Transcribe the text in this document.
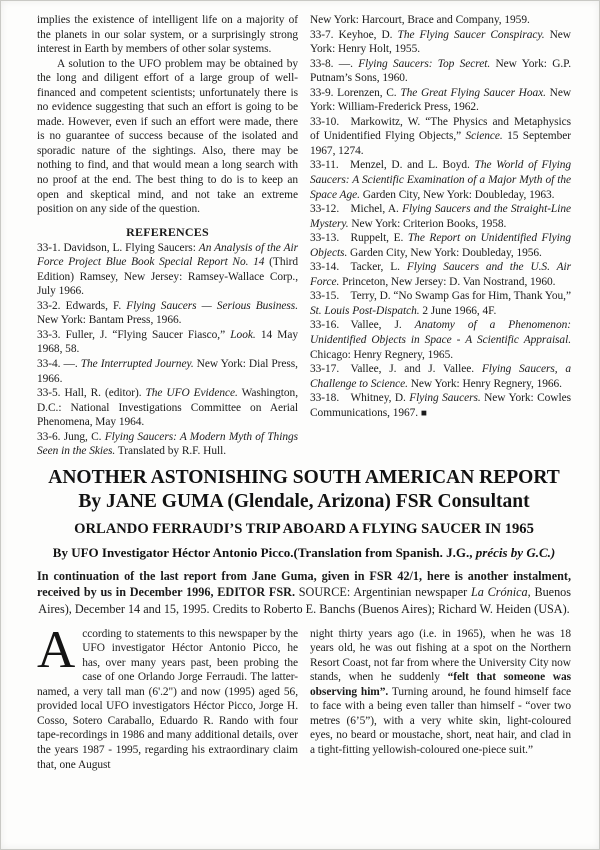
implies the existence of intelligent life on a majority of the planets in our solar system, or a surprisingly strong interest in Earth by members of other solar systems.

A solution to the UFO problem may be obtained by the long and diligent effort of a large group of well-financed and competent scientists; unfortunately there is no evidence suggesting that such an effort is going to be made. However, even if such an effort were made, there is no guarantee of success because of the isolated and sporadic nature of the sightings. Also, there may be nothing to find, and that would mean a long search with no proof at the end. The best thing to do is to keep an open and skeptical mind, and not take an extreme position on any side of the question.

REFERENCES

33-1. Davidson, L. Flying Saucers: An Analysis of the Air Force Project Blue Book Special Report No. 14 (Third Edition) Ramsey, New Jersey: Ramsey-Wallace Corp., July 1966.

33-2. Edwards, F. Flying Saucers — Serious Business. New York: Bantam Press, 1966.

33-3. Fuller, J. “Flying Saucer Fiasco,” Look. 14 May 1968, 58.

33-4. —. The Interrupted Journey. New York: Dial Press, 1966.

33-5. Hall, R. (editor). The UFO Evidence. Washington, D.C.: National Investigations Committee on Aerial Phenomena, May 1964.

33-6. Jung, C. Flying Saucers: A Modern Myth of Things Seen in the Skies. Translated by R.F. Hull.

New York: Harcourt, Brace and Company, 1959.

33-7. Keyhoe, D. The Flying Saucer Conspiracy. New York: Henry Holt, 1955.

33-8. —. Flying Saucers: Top Secret. New York: G.P. Putnam’s Sons, 1960.

33-9. Lorenzen, C. The Great Flying Saucer Hoax. New York: William-Frederick Press, 1962.

33-10. Markowitz, W. “The Physics and Metaphysics of Unidentified Flying Objects,” Science. 15 September 1967, 1274.

33-11. Menzel, D. and L. Boyd. The World of Flying Saucers: A Scientific Examination of a Major Myth of the Space Age. Garden City, New York: Doubleday, 1963.

33-12. Michel, A. Flying Saucers and the Straight-Line Mystery. New York: Criterion Books, 1958.

33-13. Ruppelt, E. The Report on Unidentified Flying Objects. Garden City, New York: Doubleday, 1956.

33-14. Tacker, L. Flying Saucers and the U.S. Air Force. Princeton, New Jersey: D. Van Nostrand, 1960.

33-15. Terry, D. “No Swamp Gas for Him, Thank You,” St. Louis Post-Dispatch. 2 June 1966, 4F.

33-16. Vallee, J. Anatomy of a Phenomenon: Unidentified Objects in Space - A Scientific Appraisal. Chicago: Henry Regnery, 1965.

33-17. Vallee, J. and J. Vallee. Flying Saucers, a Challenge to Science. New York: Henry Regnery, 1966.

33-18. Whitney, D. Flying Saucers. New York: Cowles Communications, 1967. ■

ANOTHER ASTONISHING SOUTH AMERICAN REPORT
By JANE GUMA (Glendale, Arizona) FSR Consultant
ORLANDO FERRAUDI’S TRIP ABOARD A FLYING SAUCER IN 1965
By UFO Investigator Héctor Antonio Picco.(Translation from Spanish. J.G., précis by G.C.)

In continuation of the last report from Jane Guma, given in FSR 42/1, here is another instalment, received by us in December 1996, EDITOR FSR. SOURCE: Argentinian newspaper La Crónica, Buenos Aires), December 14 and 15, 1995. Credits to Roberto E. Banchs (Buenos Aires); Richard W. Heiden (USA).

According to statements to this newspaper by the UFO investigator Héctor Antonio Picco, he has, over many years past, been probing the case of one Orlando Jorge Ferraudi. The latter-named, a very tall man (6'.2") and now (1995) aged 56, provided local UFO investigators Héctor Picco, Jorge H. Cosso, Sotero Caraballo, Eduardo R. Rando with four tape-recordings in 1986 and many additional details, over the years 1987 - 1995, regarding his extraordinary claim that, one August

night thirty years ago (i.e. in 1965), when he was 18 years old, he was out fishing at a spot on the Northern Resort Coast, not far from where the University City now stands, when he suddenly “felt that someone was observing him”. Turning around, he found himself face to face with a being even taller than himself - “over two metres (6’5”), with a very white skin, light-coloured eyes, no beard or moustache, short, neat hair, and clad in a tight-fitting yellowish-coloured one-piece suit.”
